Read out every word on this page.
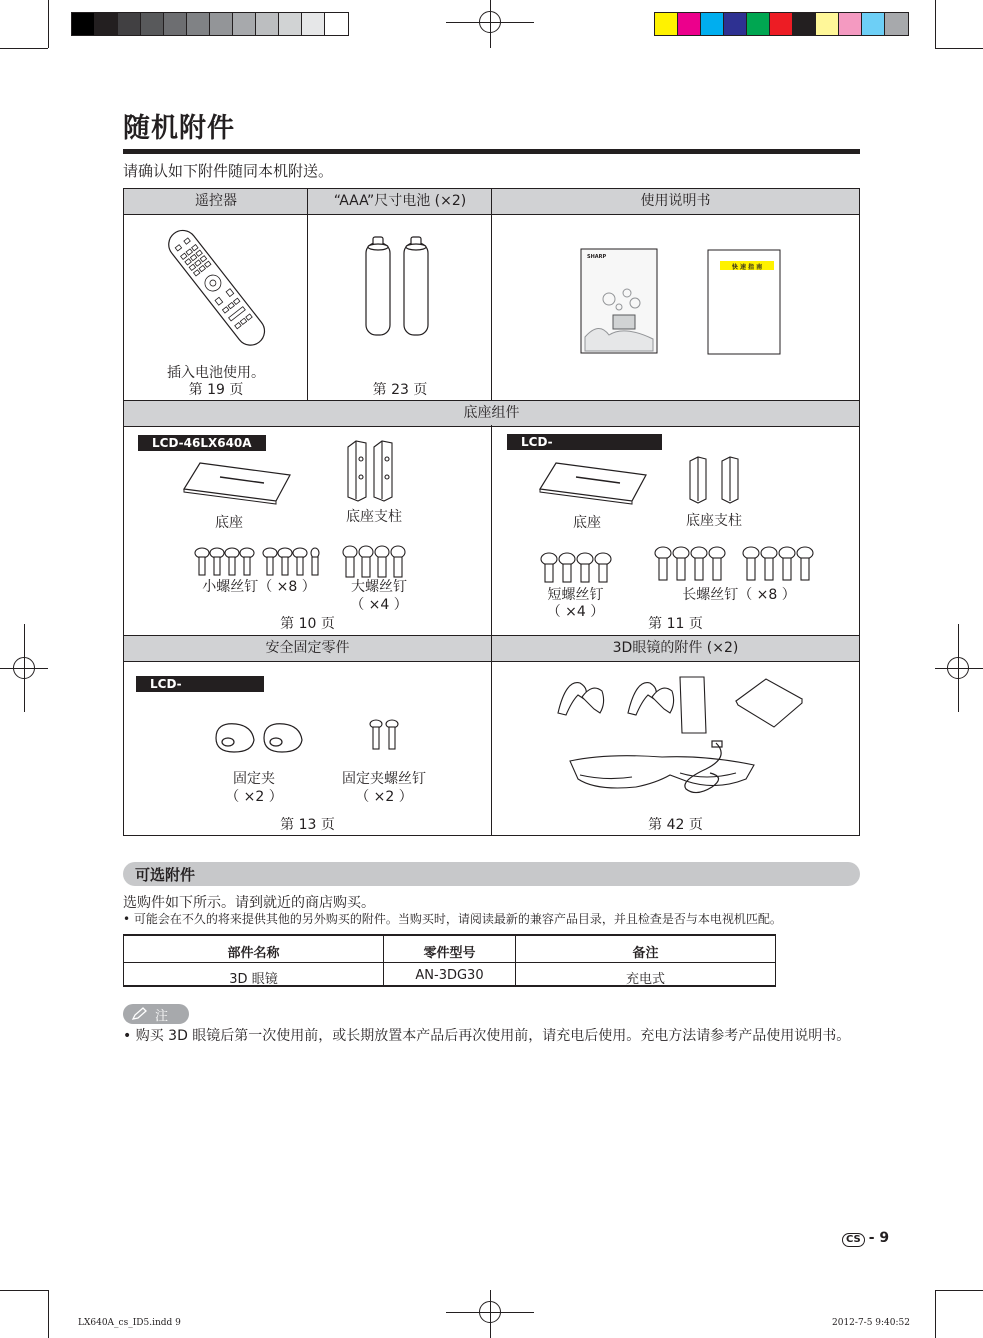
随机附件
请确认如下附件随同本机附送。
遥控器	“AAA”尺寸电池 (×2)	使用说明书
插入电池使用。
第 19 页	第 23 页
SHARP
快 速 指 南
底座组件
LCD-46LX640A
底座	底座支柱
小螺丝钉（ ×8 ）	大螺丝钉
（ ×4 ）
第 10 页
LCD-52/60/70LX640A
底座	底座支柱
短螺丝钉
（ ×4 ）
长螺丝钉（ ×8 ）
第 11 页
安全固定零件	3D眼镜的附件 (×2)
LCD-60/70LX640A
固定夹
（ ×2 ）
固定夹螺丝钉
（ ×2 ）
第 13 页	第 42 页
可选附件
选购件如下所示。请到就近的商店购买。
• 可能会在不久的将来提供其他的另外购买的附件。当购买时，请阅读最新的兼容产品目录，并且检查是否与本电视机匹配。
部件名称	零件型号	备注
3D 眼镜	AN-3DG30	充电式
注
• 购买 3D 眼镜后第一次使用前，或长期放置本产品后再次使用前，请充电后使用。充电方法请参考产品使用说明书。
CS - 9
LX640A_cs_ID5.indd 9	2012-7-5 9:40:52
